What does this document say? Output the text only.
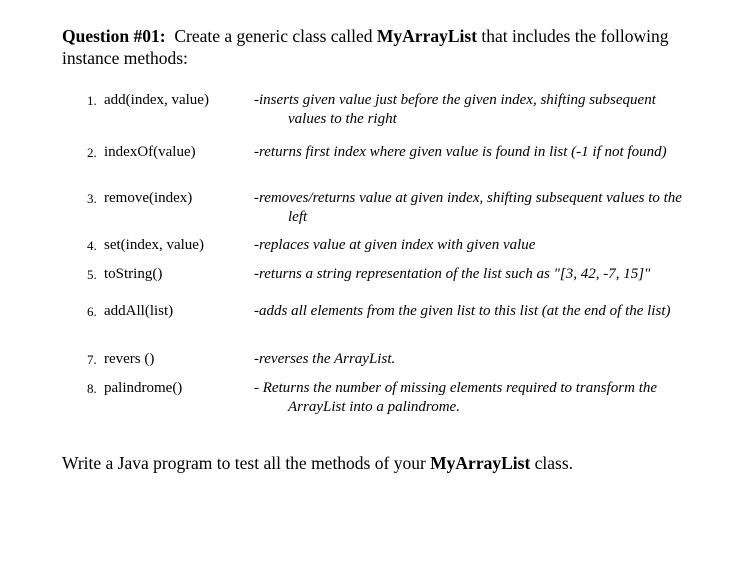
Question #01: Create a generic class called MyArrayList that includes the following instance methods:

1. add(index, value)	-inserts given value just before the given index, shifting subsequent values to the right
2. indexOf(value)	-returns first index where given value is found in list (-1 if not found)
3. remove(index)	-removes/returns value at given index, shifting subsequent values to the left
4. set(index, value)	-replaces value at given index with given value
5. toString()	-returns a string representation of the list such as "[3, 42, -7, 15]"
6. addAll(list)	-adds all elements from the given list to this list (at the end of the list)
7. revers ()	-reverses the ArrayList.
8. palindrome()	- Returns the number of missing elements required to transform the ArrayList into a palindrome.

Write a Java program to test all the methods of your MyArrayList class.
